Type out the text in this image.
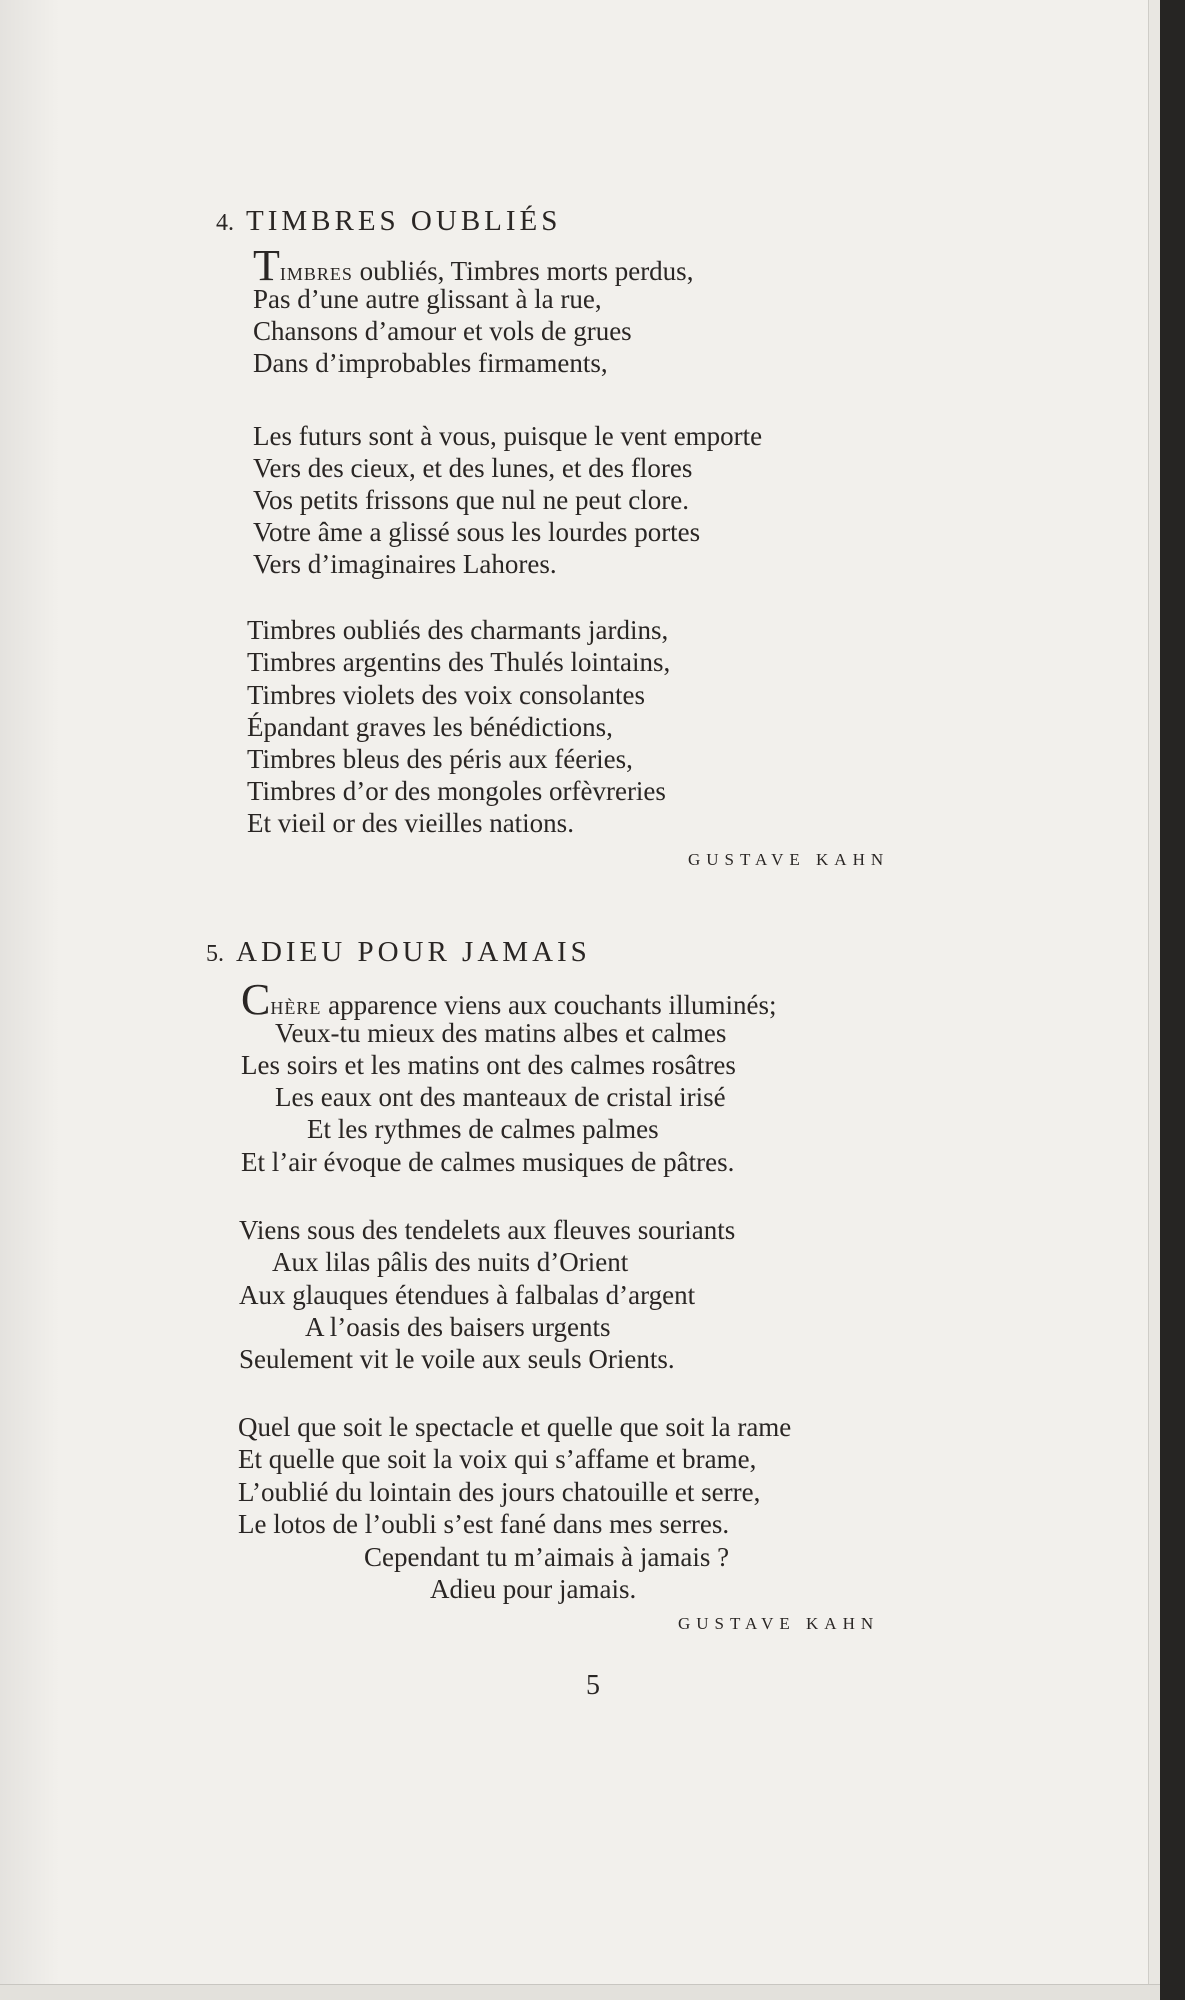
4. TIMBRES OUBLIÉS
TIMBRES oubliés, Timbres morts perdus,
Pas d’une autre glissant à la rue,
Chansons d’amour et vols de grues
Dans d’improbables firmaments,
Les futurs sont à vous, puisque le vent emporte
Vers des cieux, et des lunes, et des flores
Vos petits frissons que nul ne peut clore.
Votre âme a glissé sous les lourdes portes
Vers d’imaginaires Lahores.
Timbres oubliés des charmants jardins,
Timbres argentins des Thulés lointains,
Timbres violets des voix consolantes
Épandant graves les bénédictions,
Timbres bleus des péris aux féeries,
Timbres d’or des mongoles orfèvreries
Et vieil or des vieilles nations.
GUSTAVE KAHN
5. ADIEU POUR JAMAIS
CHÈRE apparence viens aux couchants illuminés;
Veux-tu mieux des matins albes et calmes
Les soirs et les matins ont des calmes rosâtres
Les eaux ont des manteaux de cristal irisé
Et les rythmes de calmes palmes
Et l’air évoque de calmes musiques de pâtres.
Viens sous des tendelets aux fleuves souriants
Aux lilas pâlis des nuits d’Orient
Aux glauques étendues à falbalas d’argent
A l’oasis des baisers urgents
Seulement vit le voile aux seuls Orients.
Quel que soit le spectacle et quelle que soit la rame
Et quelle que soit la voix qui s’affame et brame,
L’oublié du lointain des jours chatouille et serre,
Le lotos de l’oubli s’est fané dans mes serres.
Cependant tu m’aimais à jamais ?
Adieu pour jamais.
GUSTAVE KAHN
5
